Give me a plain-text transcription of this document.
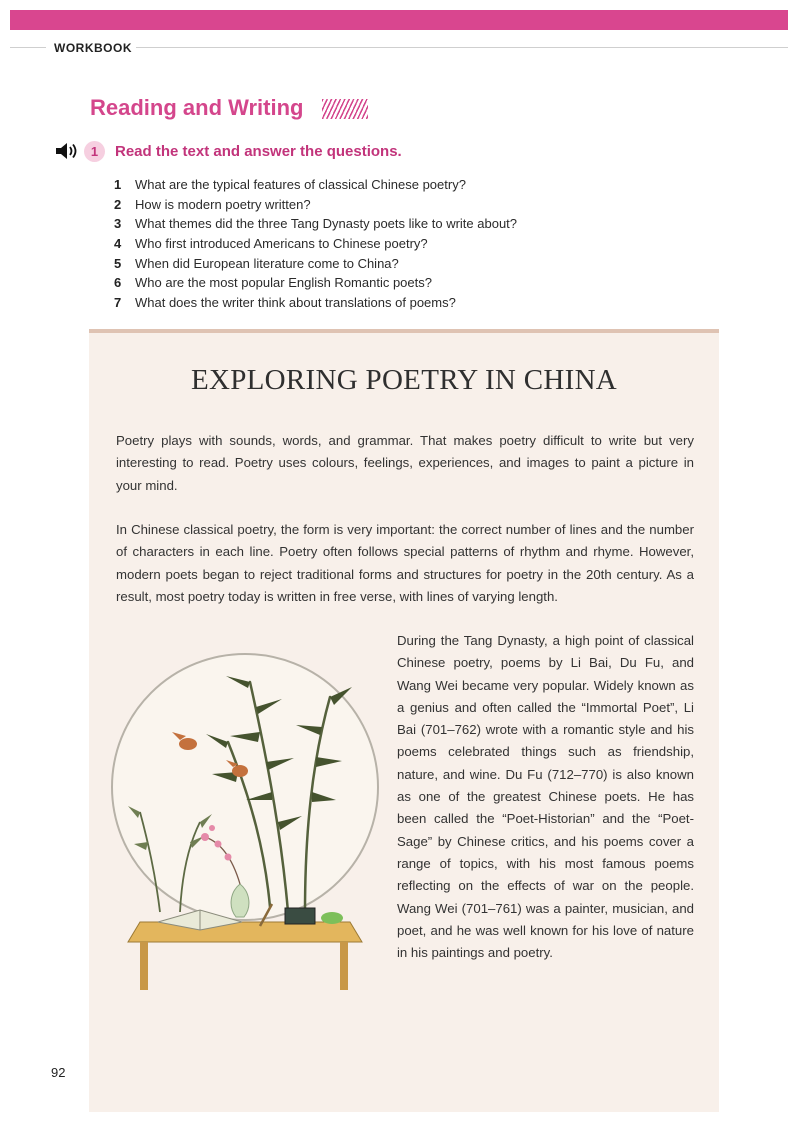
WORKBOOK
Reading and Writing
1	Read the text and answer the questions.
1 What are the typical features of classical Chinese poetry?
2 How is modern poetry written?
3 What themes did the three Tang Dynasty poets like to write about?
4 Who first introduced Americans to Chinese poetry?
5 When did European literature come to China?
6 Who are the most popular English Romantic poets?
7 What does the writer think about translations of poems?
EXPLORING POETRY IN CHINA

Poetry plays with sounds, words, and grammar. That makes poetry difficult to write but very interesting to read. Poetry uses colours, feelings, experiences, and images to paint a picture in your mind.

In Chinese classical poetry, the form is very important: the correct number of lines and the number of characters in each line. Poetry often follows special patterns of rhythm and rhyme. However, modern poets began to reject traditional forms and structures for poetry in the 20th century. As a result, most poetry today is written in free verse, with lines of varying length.

During the Tang Dynasty, a high point of classical Chinese poetry, poems by Li Bai, Du Fu, and Wang Wei became very popular. Widely known as a genius and often called the “Immortal Poet”, Li Bai (701–762) wrote with a romantic style and his poems celebrated things such as friendship, nature, and wine. Du Fu (712–770) is also known as one of the greatest Chinese poets. He has been called the “Poet-Historian” and the “Poet-Sage” by Chinese critics, and his poems cover a range of topics, with his most famous poems reflecting on the effects of war on the people. Wang Wei (701–761) was a painter, musician, and poet, and he was well known for his love of nature in his paintings and poetry.

92
